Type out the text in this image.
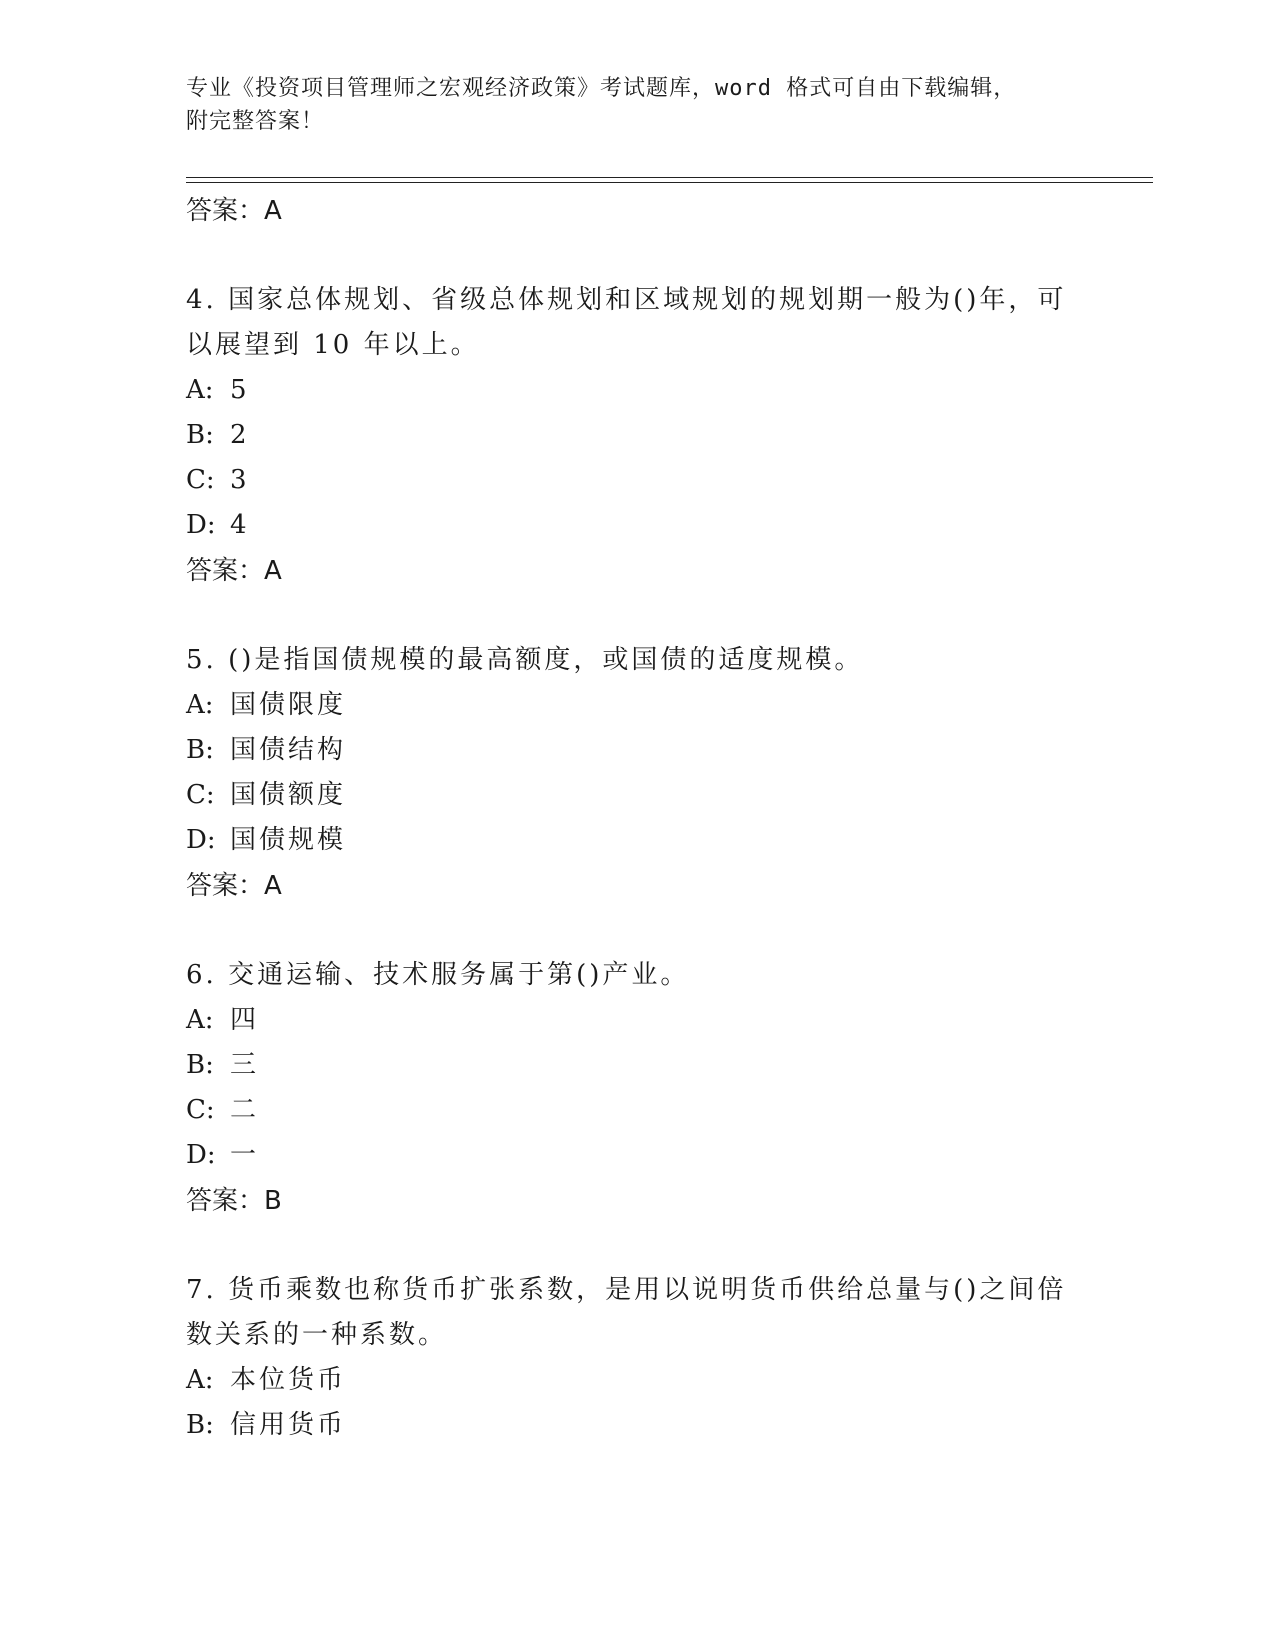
专业《投资项目管理师之宏观经济政策》考试题库，word 格式可自由下载编辑，
附完整答案！
答案：A
4. 国家总体规划、省级总体规划和区域规划的规划期一般为()年，可
以展望到 10 年以上。
A: 5
B: 2
C: 3
D: 4
答案：A
5. ()是指国债规模的最高额度，或国债的适度规模。
A: 国债限度
B: 国债结构
C: 国债额度
D: 国债规模
答案：A
6. 交通运输、技术服务属于第()产业。
A: 四
B: 三
C: 二
D: 一
答案：B
7. 货币乘数也称货币扩张系数，是用以说明货币供给总量与()之间倍
数关系的一种系数。
A: 本位货币
B: 信用货币
